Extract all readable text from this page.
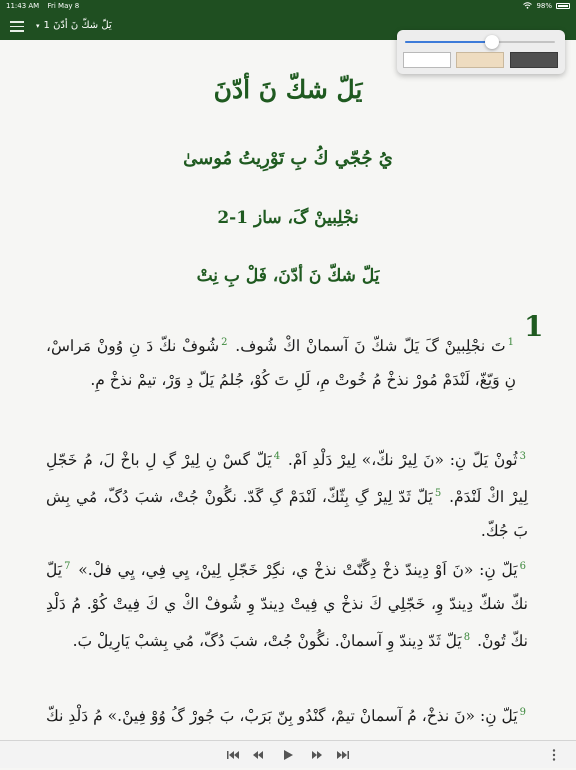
11:43 AM Fri May 8	98%
▾ 1 يَلّ شكّ نَ أدّنَ
يَلّ شكّ نَ أدّنَ
يُ جُجّي كُ بِ تَوْرِيتُ مُوسىٰ
نجْلِبينْ گَ، ساز 1-2
يَلّ شكّ نَ أدّنَ، فَلْ بِ نِتْ
1

$^1$تَ نجْلِبينْ گَ يَلّ شكّ نَ آسمانْ اكْ شُوف. $^2$شُوفْ نكّ دَ نِ وُونْ مَراسْ، نِ وَيّغّ، لَنْدَمْ مُورْ نذخْ مُ خُوتْ مِ، لَلِ تَ كُوْ، جُلمُ يَلّ دِ وَرْ، تيمْ نذخْ مِ.

$^3$ثُونْ يَلّ نِ: «نَ لِيرْ نكّ،» لِيرْ دَلْدِ اَمْ. $^4$يَلّ گسْ نِ لِيرْ گِ لِ باخْ لَ، مُ خَجّلِ لِيرْ اكْ لَنْدَمْ. $^5$يَلّ ثَدّ لِيرْ گِ بِثّكّ، لَنْدَمْ گِ گَدّ. نگُونْ جُتْ، شبَ دُگّ، مُي بِش بَ جُكّ.

$^6$يَلّ نِ: «نَ اَوْ دِيندّ ذخْ دِگّنّتْ نذخْ ي، نگِرْ خَجّلِ لِينْ، يِي فِي، يِي فلْ.» $^7$يَلّ نكّ شكّ دِيندّ وِ، خَجّلِي كَ نذخْ ي فِيتْ دِيندّ وِ شُوفْ اكْ ي كَ فِيتْ كُوْ. مُ دَلْدِ نكّ تُونْ. $^8$يَلّ ثَدّ دِيندّ وِ آسمانْ. نگُونْ جُتْ، شبَ دُگّ، مُي بِشبْ يَارِيلْ بَ.

$^9$يَلّ نِ: «نَ نذخْ، مُ آسمانْ تيمْ، گنْدُو بِنّ بَرَبْ، بَ جُورْ گُ وُوْ فِينْ.» مُ دَلْدِ نكّ
